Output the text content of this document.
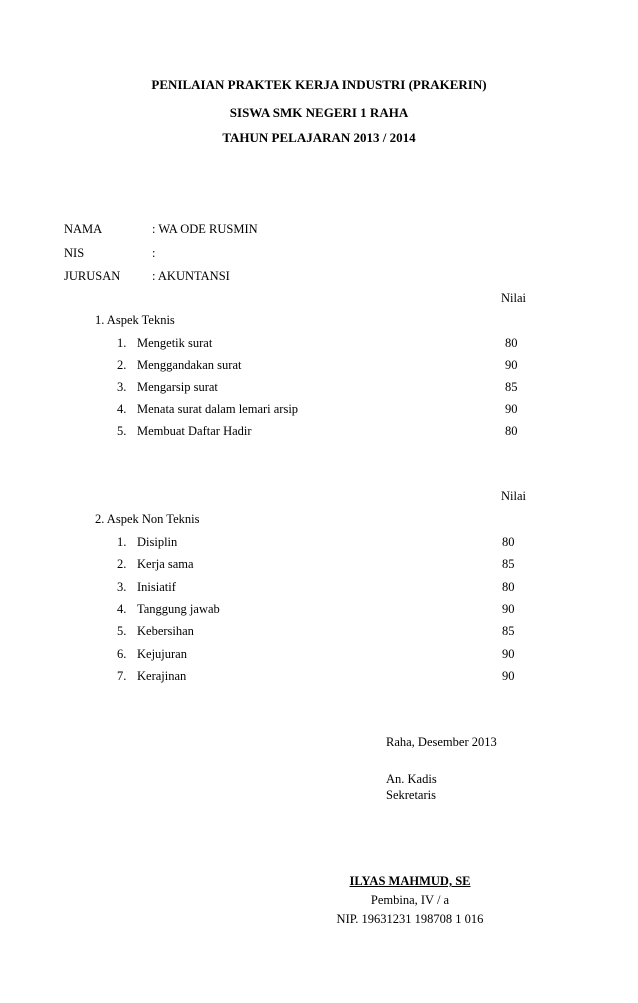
PENILAIAN PRAKTEK KERJA INDUSTRI (PRAKERIN)
SISWA SMK NEGERI 1 RAHA
TAHUN PELAJARAN 2013 / 2014
NAMA	: WA ODE RUSMIN
NIS	:
JURUSAN	: AKUNTANSI
Nilai
1. Aspek Teknis
1. Mengetik surat	80
2. Menggandakan surat	90
3. Mengarsip surat	85
4. Menata surat dalam lemari arsip	90
5. Membuat Daftar Hadir	80
Nilai
2. Aspek Non Teknis
1. Disiplin	80
2. Kerja sama	85
3. Inisiatif	80
4. Tanggung jawab	90
5. Kebersihan	85
6. Kejujuran	90
7. Kerajinan	90
Raha, Desember 2013
An. Kadis
Sekretaris
ILYAS MAHMUD, SE
Pembina, IV / a
NIP. 19631231 198708 1 016
